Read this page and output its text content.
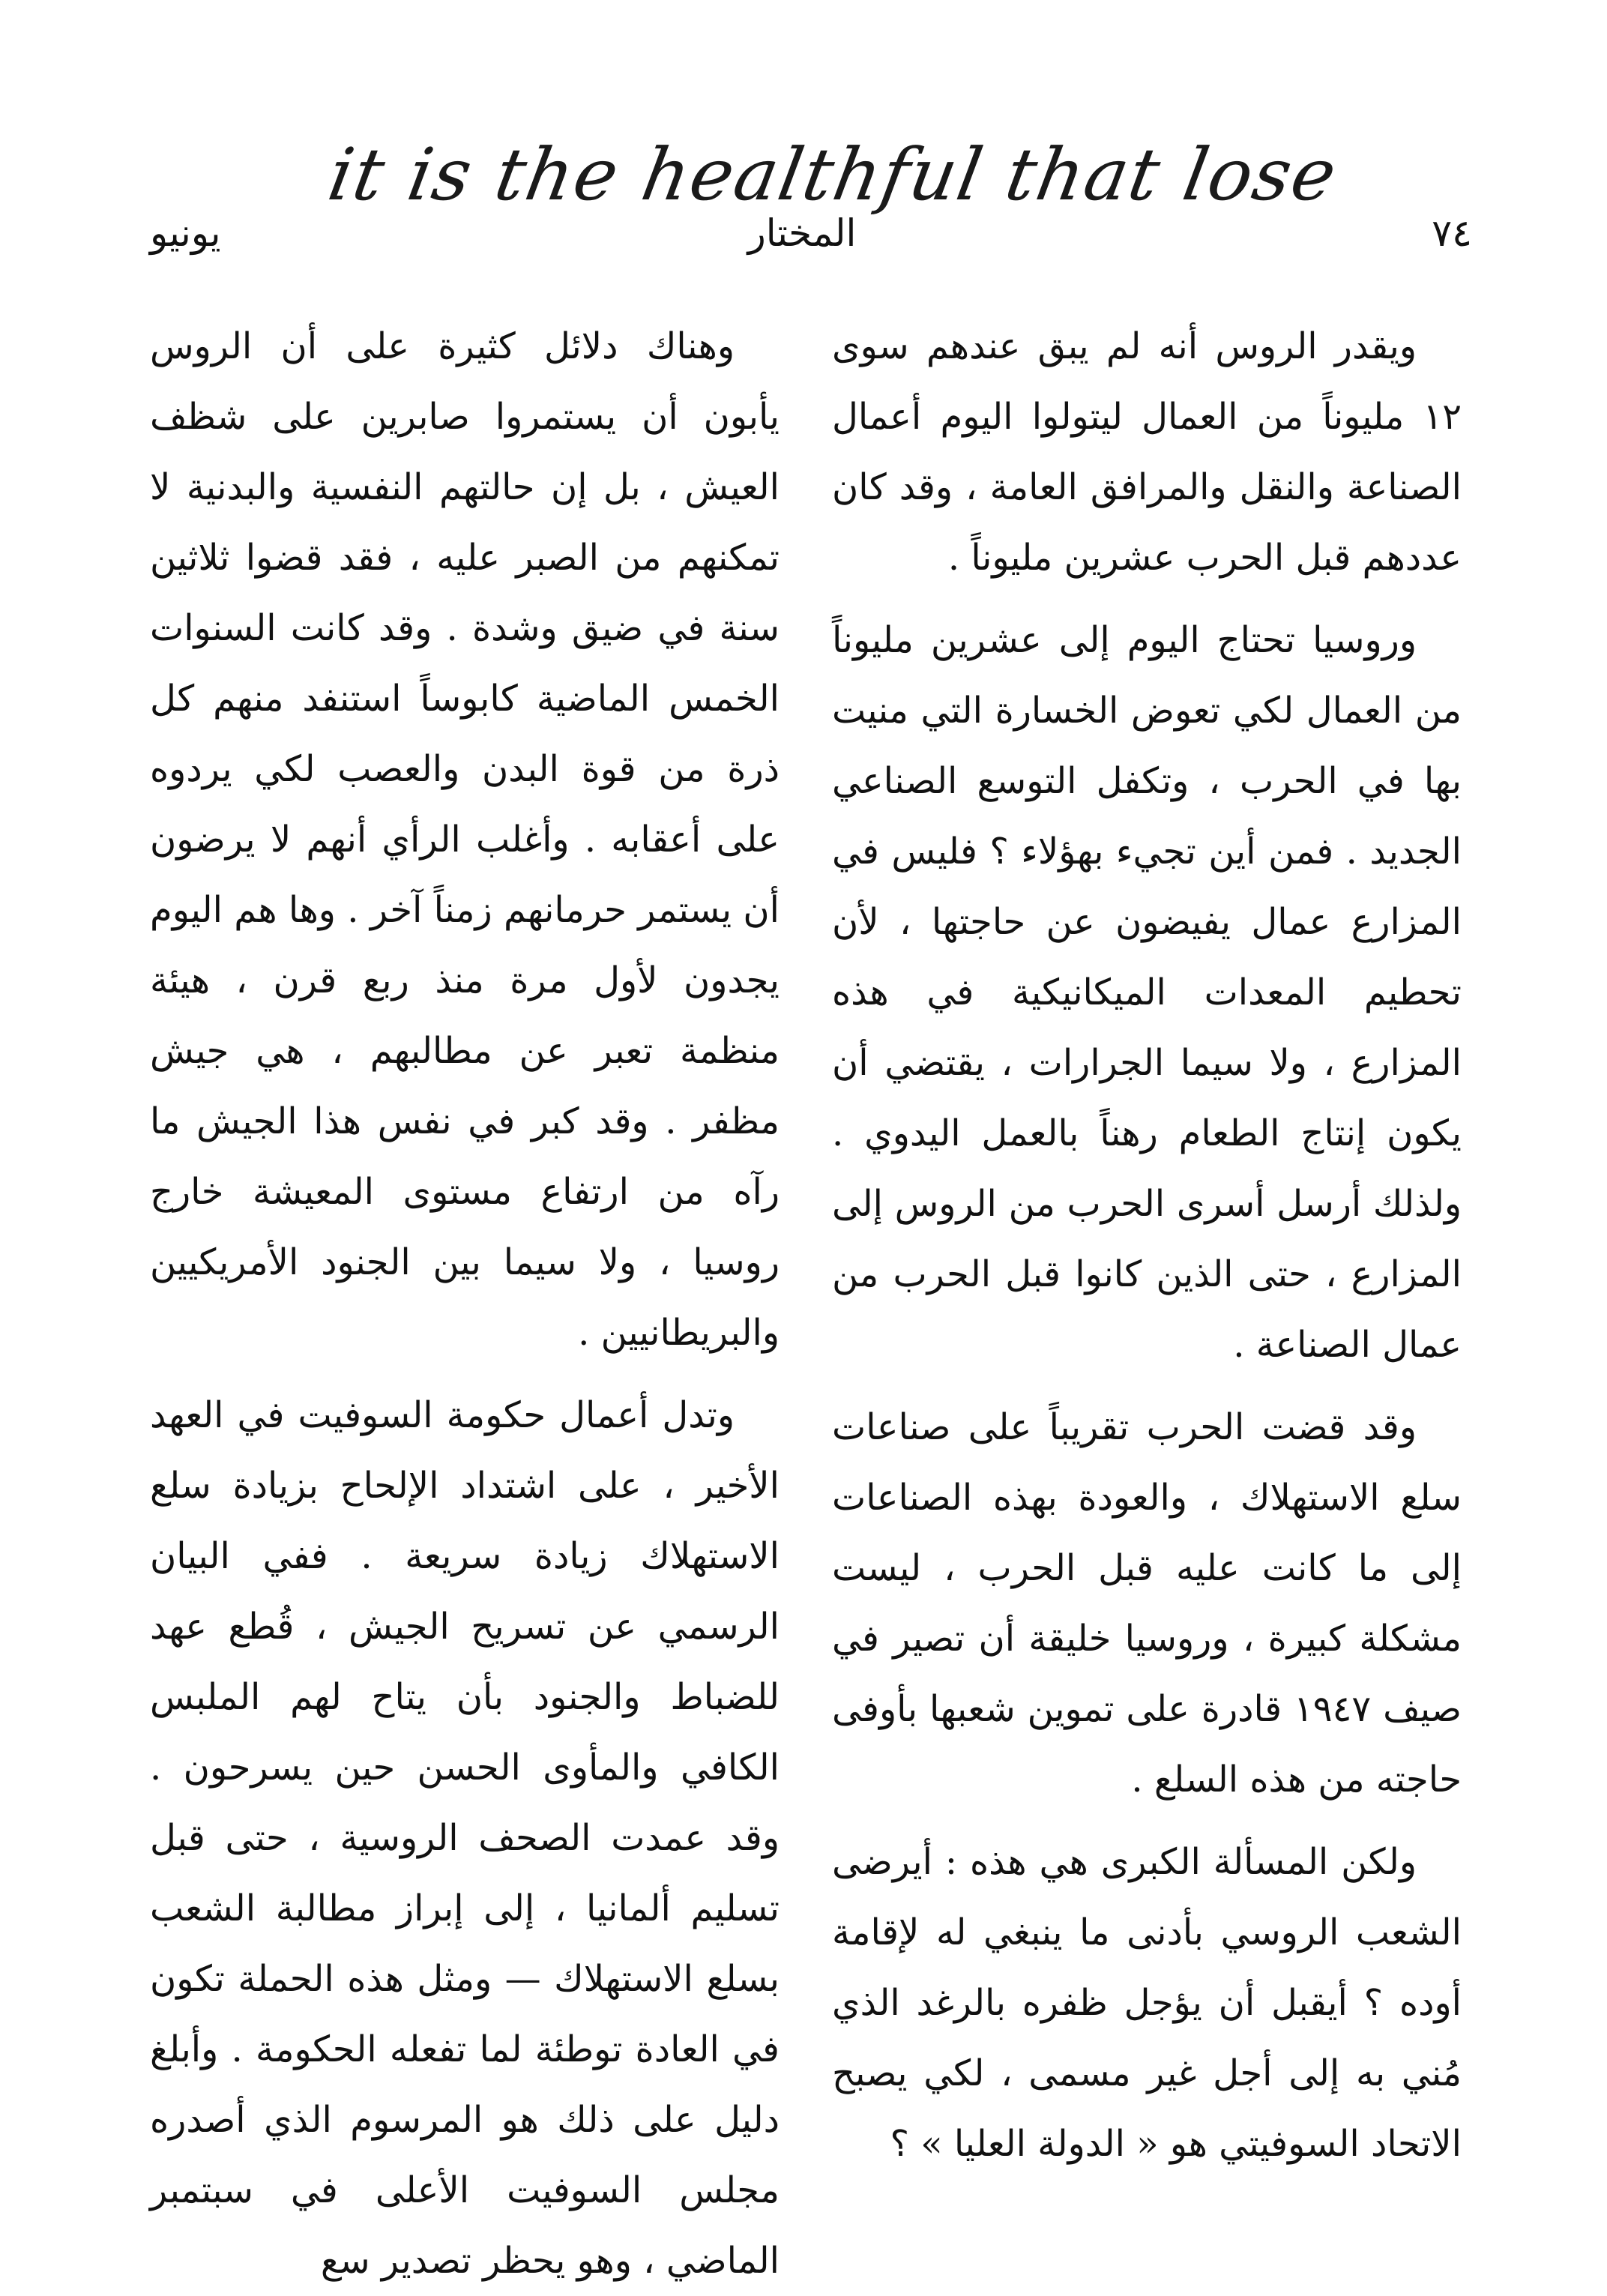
it is the healthful that lose
٧٤
المختار
يونيو

ويقدر الروس أنه لم يبق عندهم سوى ١٢ مليوناً من العمال ليتولوا اليوم أعمال الصناعة والنقل والمرافق العامة ، وقد كان عددهم قبل الحرب عشرين مليوناً .

وروسيا تحتاج اليوم إلى عشرين مليوناً من العمال لكي تعوض الخسارة التي منيت بها في الحرب ، وتكفل التوسع الصناعي الجديد . فمن أين تجيء بهؤلاء ؟ فليس في المزارع عمال يفيضون عن حاجتها ، لأن تحطيم المعدات الميكانيكية في هذه المزارع ، ولا سيما الجرارات ، يقتضي أن يكون إنتاج الطعام رهناً بالعمل اليدوي . ولذلك أرسل أسرى الحرب من الروس إلى المزارع ، حتى الذين كانوا قبل الحرب من عمال الصناعة .

وقد قضت الحرب تقريباً على صناعات سلع الاستهلاك ، والعودة بهذه الصناعات إلى ما كانت عليه قبل الحرب ، ليست مشكلة كبيرة ، وروسيا خليقة أن تصير في صيف ١٩٤٧ قادرة على تموين شعبها بأوفى حاجته من هذه السلع .

ولكن المسألة الكبرى هي هذه : أيرضى الشعب الروسي بأدنى ما ينبغي له لإقامة أوده ؟ أيقبل أن يؤجل ظفره بالرغد الذي مُني به إلى أجل غير مسمى ، لكي يصبح الاتحاد السوفيتي هو « الدولة العليا » ؟

وهناك دلائل كثيرة على أن الروس يأبون أن يستمروا صابرين على شظف العيش ، بل إن حالتهم النفسية والبدنية لا تمكنهم من الصبر عليه ، فقد قضوا ثلاثين سنة في ضيق وشدة . وقد كانت السنوات الخمس الماضية كابوساً استنفد منهم كل ذرة من قوة البدن والعصب لكي يردوه على أعقابه . وأغلب الرأي أنهم لا يرضون أن يستمر حرمانهم زمناً آخر . وها هم اليوم يجدون لأول مرة منذ ربع قرن ، هيئة منظمة تعبر عن مطالبهم ، هي جيش مظفر . وقد كبر في نفس هذا الجيش ما رآه من ارتفاع مستوى المعيشة خارج روسيا ، ولا سيما بين الجنود الأمريكيين والبريطانيين .

وتدل أعمال حكومة السوفيت في العهد الأخير ، على اشتداد الإلحاح بزيادة سلع الاستهلاك زيادة سريعة . ففي البيان الرسمي عن تسريح الجيش ، قُطع عهد للضباط والجنود بأن يتاح لهم الملبس الكافي والمأوى الحسن حين يسرحون . وقد عمدت الصحف الروسية ، حتى قبل تسليم ألمانيا ، إلى إبراز مطالبة الشعب بسلع الاستهلاك — ومثل هذه الحملة تكون في العادة توطئة لما تفعله الحكومة . وأبلغ دليل على ذلك هو المرسوم الذي أصدره مجلس السوفيت الأعلى في سبتمبر الماضي ، وهو يحظر تصدير سع
